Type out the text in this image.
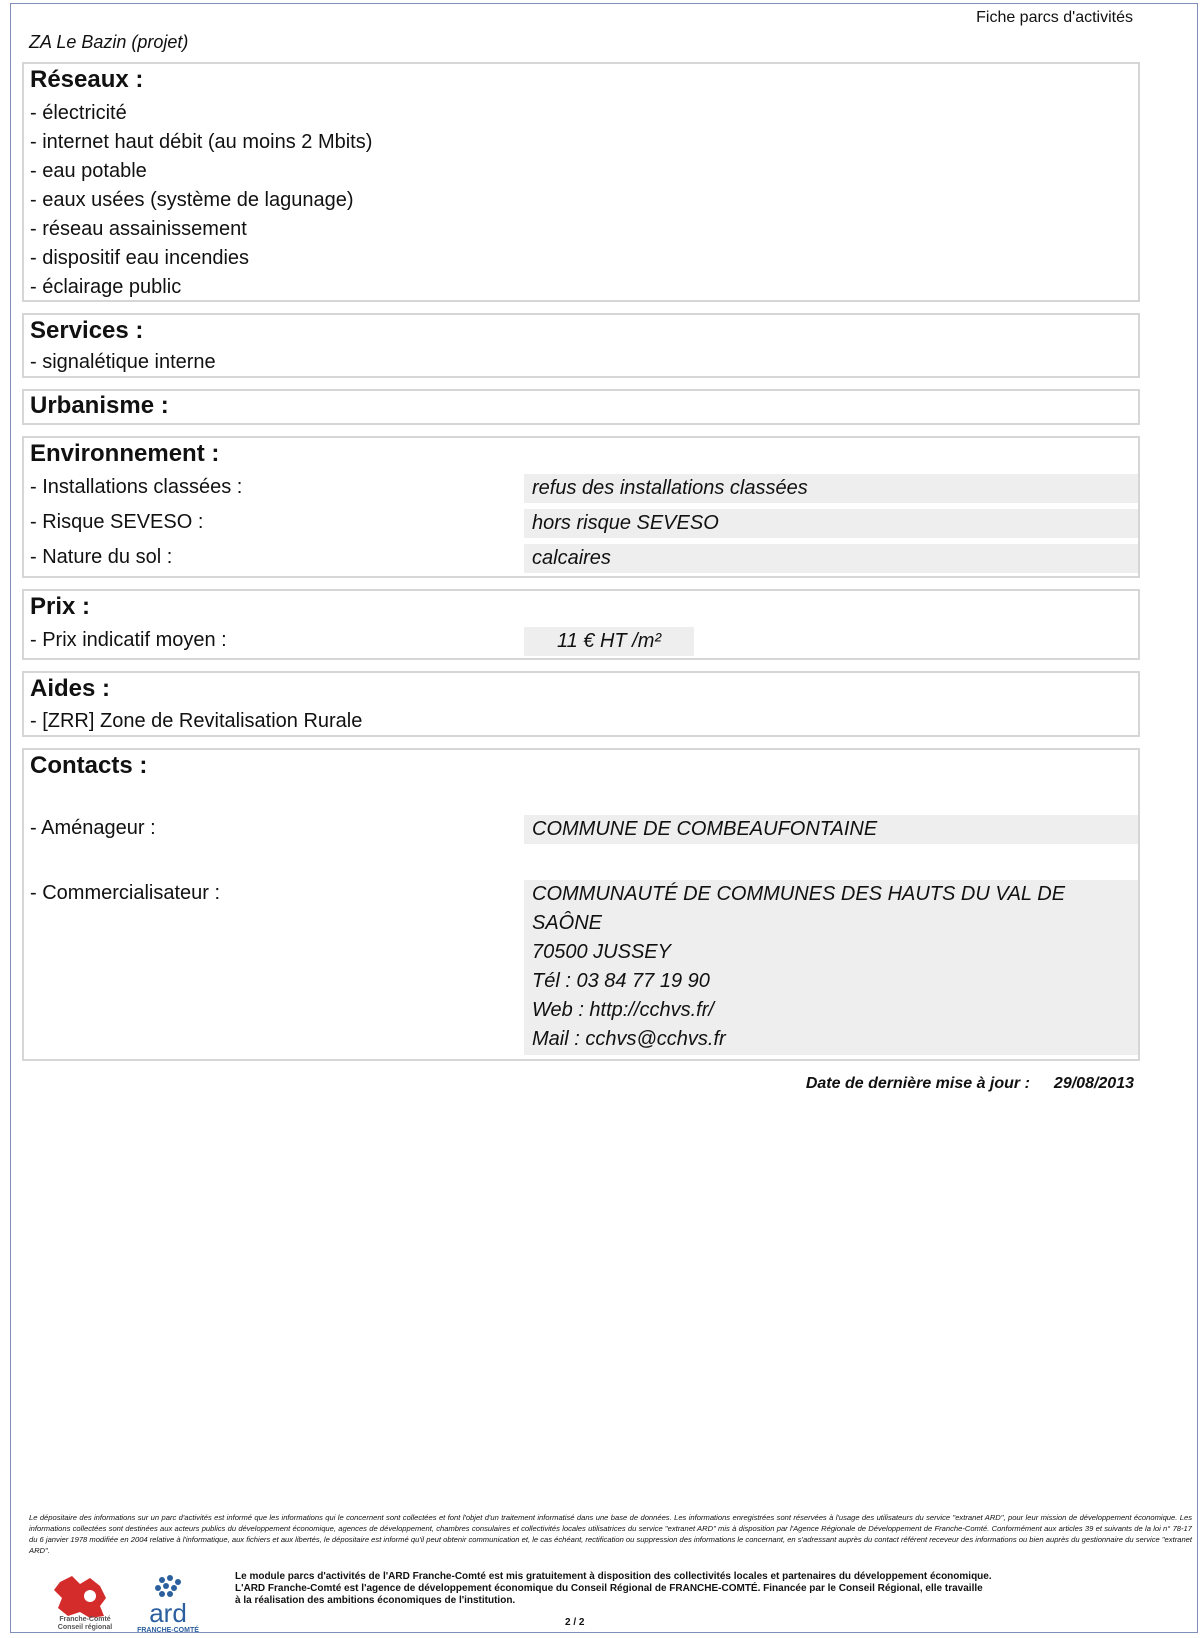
Fiche parcs d'activités
ZA Le Bazin (projet)
Réseaux :
- électricité
- internet haut débit (au moins 2 Mbits)
- eau potable
- eaux usées (système de lagunage)
- réseau assainissement
- dispositif eau incendies
- éclairage public
Services :
- signalétique interne
Urbanisme :
Environnement :
- Installations classées :	refus des installations classées
- Risque SEVESO :	hors risque SEVESO
- Nature du sol :	calcaires
Prix :
- Prix indicatif moyen :	11 € HT /m²
Aides :
- [ZRR] Zone de Revitalisation Rurale
Contacts :
- Aménageur :	COMMUNE DE COMBEAUFONTAINE
- Commercialisateur :	COMMUNAUTÉ DE COMMUNES DES HAUTS DU VAL DE
SAÔNE
70500 JUSSEY
Tél : 03 84 77 19 90
Web : http://cchvs.fr/
Mail : cchvs@cchvs.fr
Date de dernière mise à jour : 29/08/2013
Le dépositaire des informations sur un parc d'activités est informé que les informations qui le concernent sont collectées et font l'objet d'un traitement informatisé dans une base de données. Les informations enregistrées sont réservées à l'usage des utilisateurs du service "extranet ARD", pour leur mission de développement économique. Les informations collectées sont destinées aux acteurs publics du développement économique, agences de développement, chambres consulaires et collectivités locales utilisatrices du service "extranet ARD" mis à disposition par l'Agence Régionale de Développement de Franche-Comté. Conformément aux articles 39 et suivants de la loi n° 78-17 du 6 janvier 1978 modifiée en 2004 relative à l'informatique, aux fichiers et aux libertés, le dépositaire est informé qu'il peut obtenir communication et, le cas échéant, rectification ou suppression des informations le concernant, en s'adressant auprès du contact référent receveur des informations ou bien auprès du gestionnaire du service "extranet ARD".
Franche-Comté
Conseil régional ard
FRANCHE-COMTÉ
Le module parcs d'activités de l'ARD Franche-Comté est mis gratuitement à disposition des collectivités locales et partenaires du développement économique.
L'ARD Franche-Comté est l'agence de développement économique du Conseil Régional de FRANCHE-COMTÉ. Financée par le Conseil Régional, elle travaille
à la réalisation des ambitions économiques de l'institution.
2 / 2
